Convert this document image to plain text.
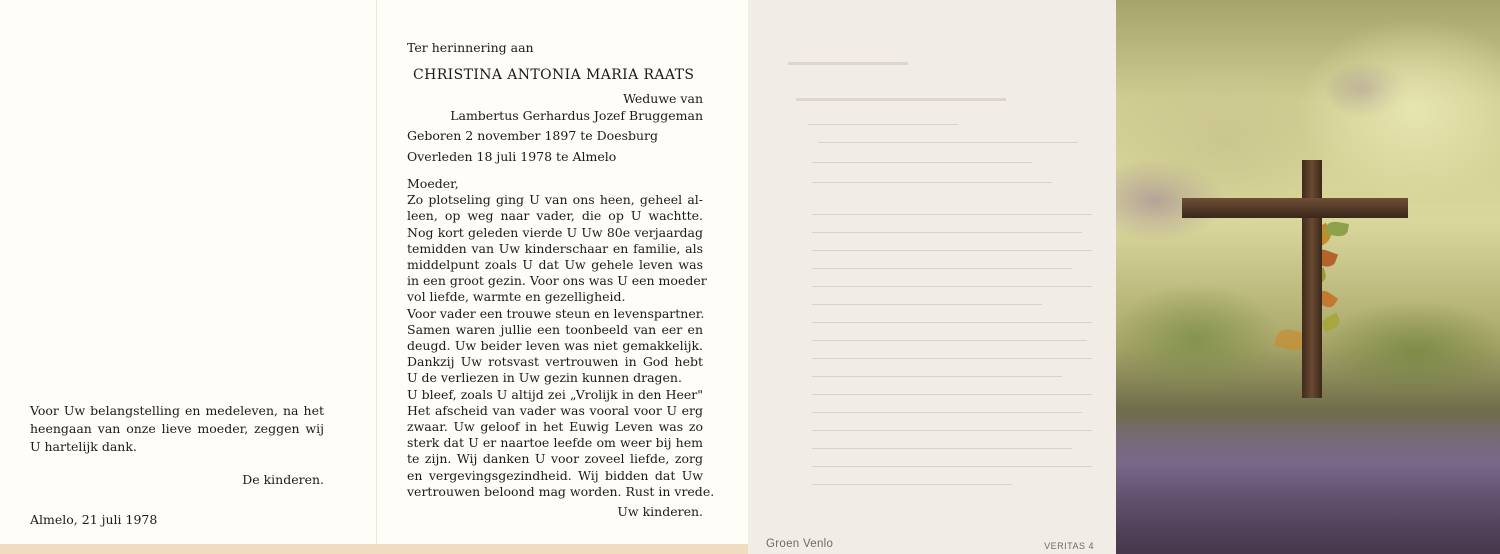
Voor Uw belangstelling en medeleven, na het heengaan van onze lieve moeder, zeggen wij U hartelijk dank.
De kinderen.
Almelo, 21 juli 1978
Ter herinnering aan
CHRISTINA ANTONIA MARIA RAATS
Weduwe van
Lambertus Gerhardus Jozef Bruggeman
Geboren 2 november 1897 te Doesburg
Overleden 18 juli 1978 te Almelo
Moeder,
Zo plotseling ging U van ons heen, geheel al-
leen, op weg naar vader, die op U wachtte.
Nog kort geleden vierde U Uw 80e verjaardag
temidden van Uw kinderschaar en familie, als
middelpunt zoals U dat Uw gehele leven was
in een groot gezin. Voor ons was U een moeder
vol liefde, warmte en gezelligheid.
Voor vader een trouwe steun en levenspartner.
Samen waren jullie een toonbeeld van eer en
deugd. Uw beider leven was niet gemakkelijk.
Dankzij Uw rotsvast vertrouwen in God hebt
U de verliezen in Uw gezin kunnen dragen.
U bleef, zoals U altijd zei „Vrolijk in den Heer"
Het afscheid van vader was vooral voor U erg
zwaar. Uw geloof in het Euwig Leven was zo
sterk dat U er naartoe leefde om weer bij hem
te zijn. Wij danken U voor zoveel liefde, zorg
en vergevingsgezindheid. Wij bidden dat Uw
vertrouwen beloond mag worden. Rust in vrede.
Uw kinderen.
Groen Venlo	VERITAS 4
